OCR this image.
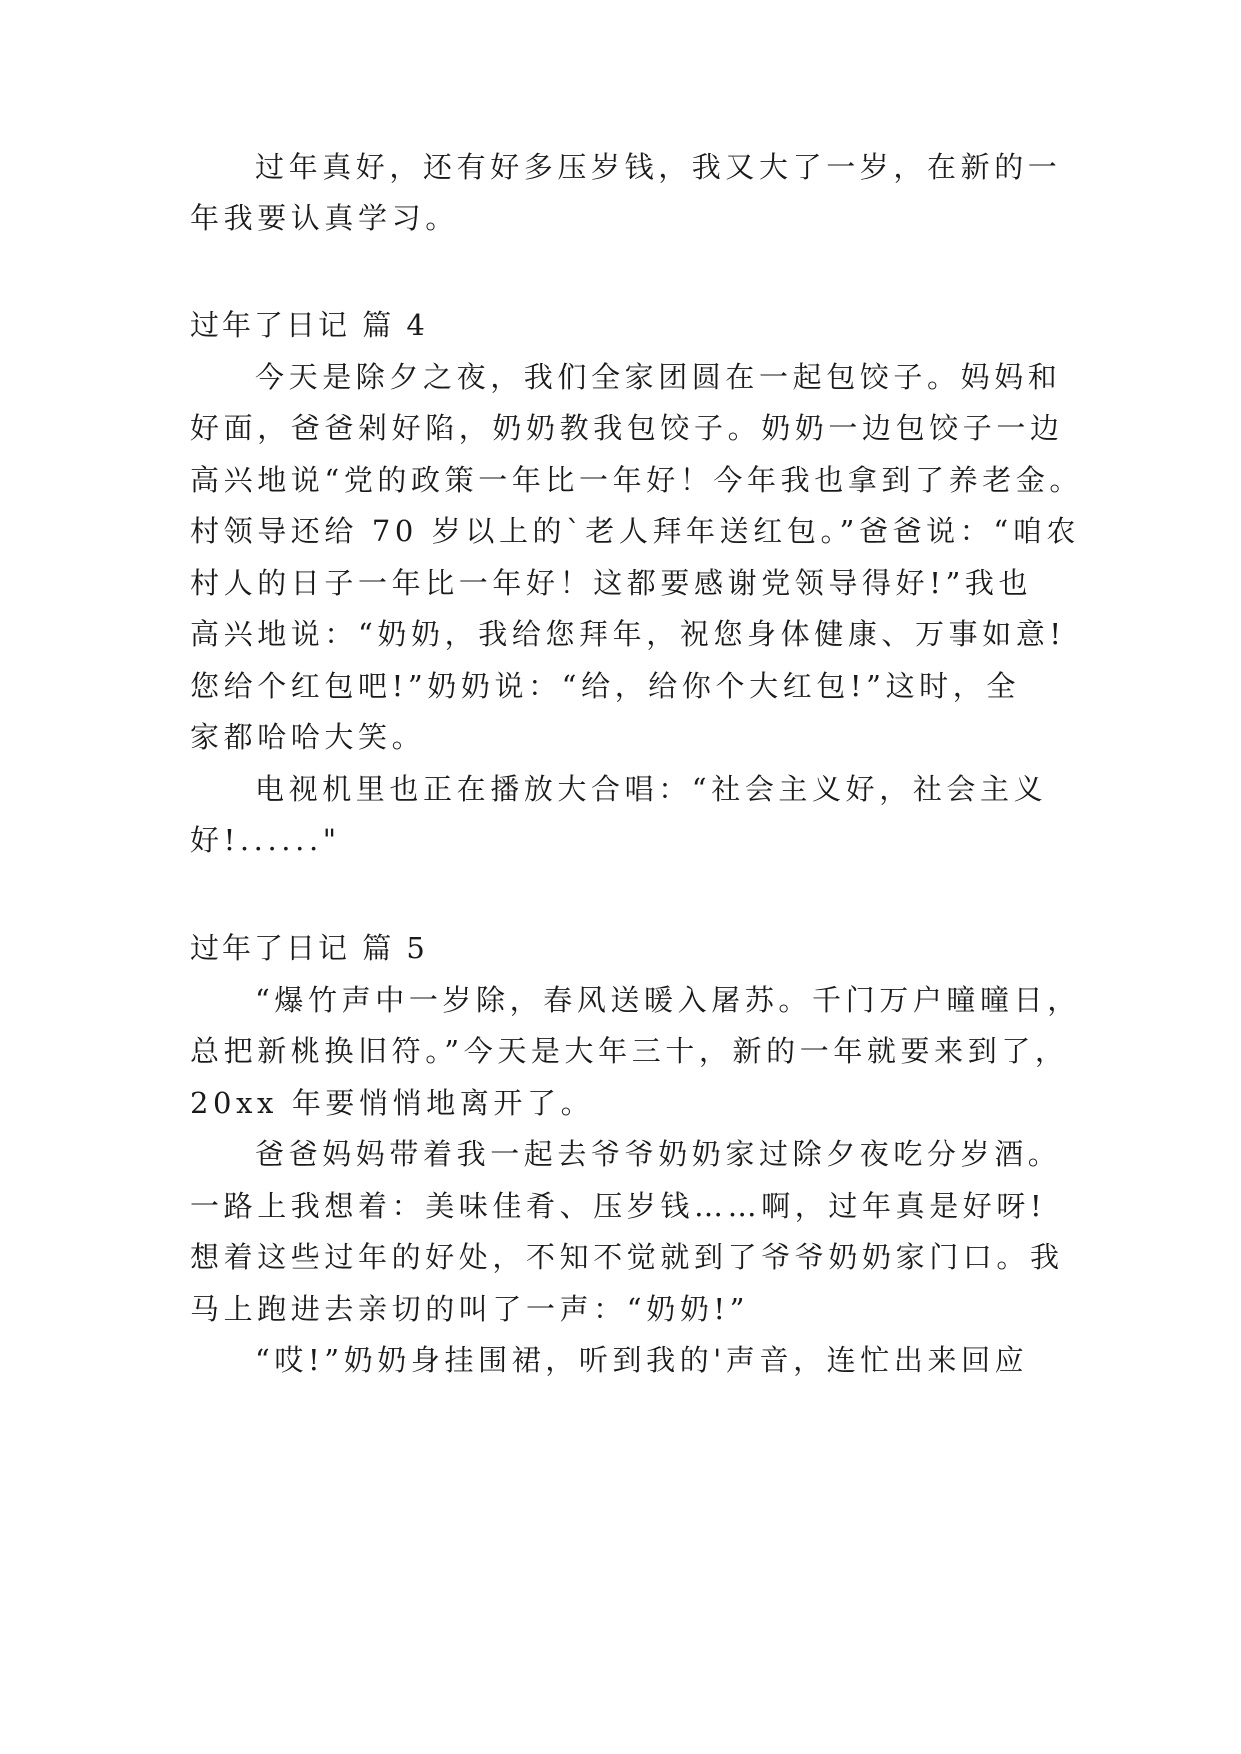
过年真好，还有好多压岁钱，我又大了一岁，在新的一
年我要认真学习。
过年了日记 篇 4
今天是除夕之夜，我们全家团圆在一起包饺子。妈妈和
好面，爸爸剁好陷，奶奶教我包饺子。奶奶一边包饺子一边
高兴地说“党的政策一年比一年好！今年我也拿到了养老金。
村领导还给 70 岁以上的`老人拜年送红包。”爸爸说：“咱农
村人的日子一年比一年好！这都要感谢党领导得好!”我也
高兴地说：“奶奶，我给您拜年，祝您身体健康、万事如意!
您给个红包吧!”奶奶说：“给，给你个大红包!”这时，全
家都哈哈大笑。
电视机里也正在播放大合唱：“社会主义好，社会主义
好!......"
过年了日记 篇 5
“爆竹声中一岁除，春风送暖入屠苏。千门万户曈曈日，
总把新桃换旧符。”今天是大年三十，新的一年就要来到了，
20xx 年要悄悄地离开了。
爸爸妈妈带着我一起去爷爷奶奶家过除夕夜吃分岁酒。
一路上我想着：美味佳肴、压岁钱……啊，过年真是好呀!
想着这些过年的好处，不知不觉就到了爷爷奶奶家门口。我
马上跑进去亲切的叫了一声：“奶奶!”
“哎!”奶奶身挂围裙，听到我的'声音，连忙出来回应
